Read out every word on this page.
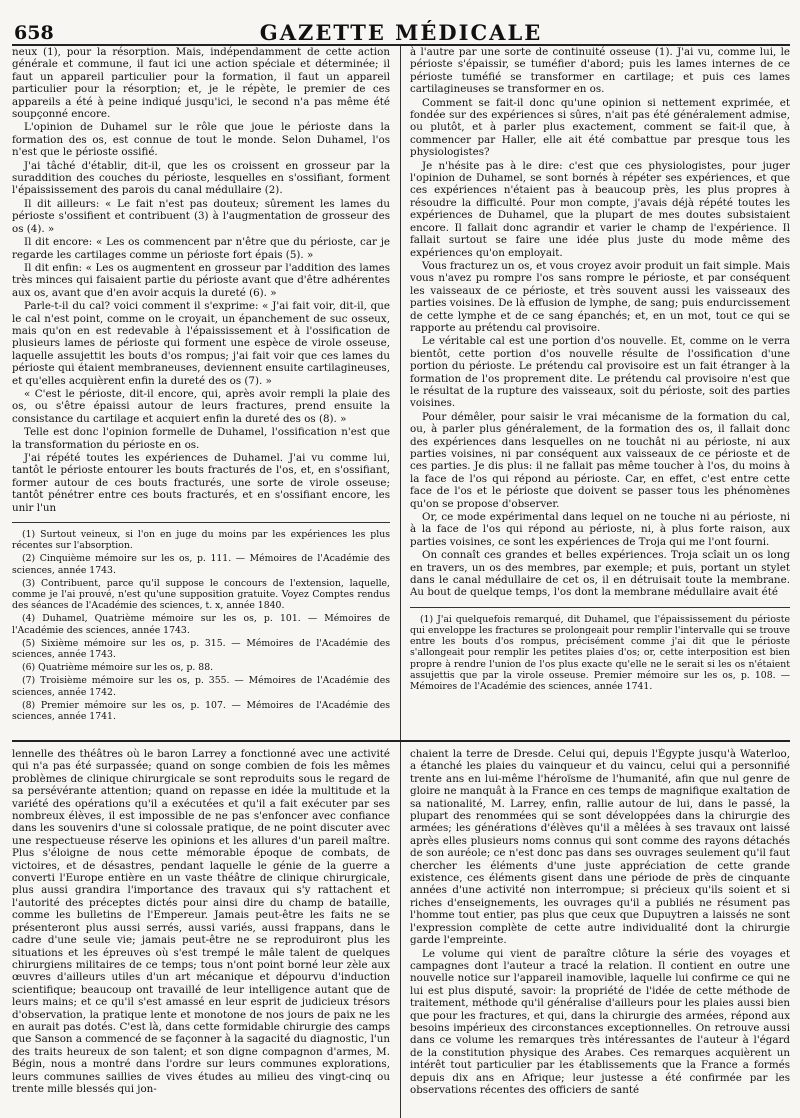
658	GAZETTE MÉDICALE

neux (1), pour la résorption. Mais, indépendamment de cette action générale et commune, il faut ici une action spéciale et déterminée; il faut un appareil particulier pour la formation, il faut un appareil particulier pour la résorption; et, je le répète, le premier de ces appareils a été à peine indiqué jusqu'ici, le second n'a pas même été soupçonné encore.

L'opinion de Duhamel sur le rôle que joue le périoste dans la formation des os, est connue de tout le monde. Selon Duhamel, l'os n'est que le périoste ossifié.

J'ai tâché d'établir, dit-il, que les os croissent en grosseur par la suraddition des couches du périoste, lesquelles en s'ossifiant, forment l'épaississement des parois du canal médullaire (2).

Il dit ailleurs: « Le fait n'est pas douteux; sûrement les lames du périoste s'ossifient et contribuent (3) à l'augmentation de grosseur des os (4). »

Il dit encore: « Les os commencent par n'être que du périoste, car je regarde les cartilages comme un périoste fort épais (5). »

Il dit enfin: « Les os augmentent en grosseur par l'addition des lames très minces qui faisaient partie du périoste avant que d'être adhérentes aux os, avant que d'en avoir acquis la dureté (6). »

Parle-t-il du cal? voici comment il s'exprime: « J'ai fait voir, dit-il, que le cal n'est point, comme on le croyait, un épanchement de suc osseux, mais qu'on en est redevable à l'épaississement et à l'ossification de plusieurs lames de périoste qui forment une espèce de virole osseuse, laquelle assujettit les bouts d'os rompus; j'ai fait voir que ces lames du périoste qui étaient membraneuses, deviennent ensuite cartilagineuses, et qu'elles acquièrent enfin la dureté des os (7). »

« C'est le périoste, dit-il encore, qui, après avoir rempli la plaie des os, ou s'être épaissi autour de leurs fractures, prend ensuite la consistance du cartilage et acquiert enfin la dureté des os (8). »

Telle est donc l'opinion formelle de Duhamel, l'ossification n'est que la transformation du périoste en os.

J'ai répété toutes les expériences de Duhamel. J'ai vu comme lui, tantôt le périoste entourer les bouts fracturés de l'os, et, en s'ossifiant, former autour de ces bouts fracturés, une sorte de virole osseuse; tantôt pénétrer entre ces bouts fracturés, et en s'ossifiant encore, les unir l'un

(1) Surtout veineux, si l'on en juge du moins par les expériences les plus récentes sur l'absorption.
(2) Cinquième mémoire sur les os, p. 111. — Mémoires de l'Académie des sciences, année 1743.
(3) Contribuent, parce qu'il suppose le concours de l'extension, laquelle, comme je l'ai prouvé, n'est qu'une supposition gratuite. Voyez Comptes rendus des séances de l'Académie des sciences, t. x, année 1840.
(4) Duhamel, Quatrième mémoire sur les os, p. 101. — Mémoires de l'Académie des sciences, année 1743.
(5) Sixième mémoire sur les os, p. 315. — Mémoires de l'Académie des sciences, année 1743.
(6) Quatrième mémoire sur les os, p. 88.
(7) Troisième mémoire sur les os, p. 355. — Mémoires de l'Académie des sciences, année 1742.
(8) Premier mémoire sur les os, p. 107. — Mémoires de l'Académie des sciences, année 1741.

à l'autre par une sorte de continuité osseuse (1). J'ai vu, comme lui, le périoste s'épaissir, se tuméfier d'abord; puis les lames internes de ce périoste tuméfié se transformer en cartilage; et puis ces lames cartilagineuses se transformer en os.

Comment se fait-il donc qu'une opinion si nettement exprimée, et fondée sur des expériences si sûres, n'ait pas été généralement admise, ou plutôt, et à parler plus exactement, comment se fait-il que, à commencer par Haller, elle ait été combattue par presque tous les physiologistes?

Je n'hésite pas à le dire: c'est que ces physiologistes, pour juger l'opinion de Duhamel, se sont bornés à répéter ses expériences, et que ces expériences n'étaient pas à beaucoup près, les plus propres à résoudre la difficulté. Pour mon compte, j'avais déjà répété toutes les expériences de Duhamel, que la plupart de mes doutes subsistaient encore. Il fallait donc agrandir et varier le champ de l'expérience. Il fallait surtout se faire une idée plus juste du mode même des expériences qu'on employait.

Vous fracturez un os, et vous croyez avoir produit un fait simple. Mais vous n'avez pu rompre l'os sans rompre le périoste, et par conséquent les vaisseaux de ce périoste, et très souvent aussi les vaisseaux des parties voisines. De là effusion de lymphe, de sang; puis endurcissement de cette lymphe et de ce sang épanchés; et, en un mot, tout ce qui se rapporte au prétendu cal provisoire.

Le véritable cal est une portion d'os nouvelle. Et, comme on le verra bientôt, cette portion d'os nouvelle résulte de l'ossification d'une portion du périoste. Le prétendu cal provisoire est un fait étranger à la formation de l'os proprement dite. Le prétendu cal provisoire n'est que le résultat de la rupture des vaisseaux, soit du périoste, soit des parties voisines.

Pour démêler, pour saisir le vrai mécanisme de la formation du cal, ou, à parler plus généralement, de la formation des os, il fallait donc des expériences dans lesquelles on ne touchât ni au périoste, ni aux parties voisines, ni par conséquent aux vaisseaux de ce périoste et de ces parties. Je dis plus: il ne fallait pas même toucher à l'os, du moins à la face de l'os qui répond au périoste. Car, en effet, c'est entre cette face de l'os et le périoste que doivent se passer tous les phénomènes qu'on se propose d'observer.

Or, ce mode expérimental dans lequel on ne touche ni au périoste, ni à la face de l'os qui répond au périoste, ni, à plus forte raison, aux parties voisines, ce sont les expériences de Troja qui me l'ont fourni.

On connaît ces grandes et belles expériences. Troja scîait un os long en travers, un os des membres, par exemple; et puis, portant un stylet dans le canal médullaire de cet os, il en détruisait toute la membrane. Au bout de quelque temps, l'os dont la membrane médullaire avait été

(1) J'ai quelquefois remarqué, dit Duhamel, que l'épaississement du périoste qui enveloppe les fractures se prolongeait pour remplir l'intervalle qui se trouve entre les bouts d'os rompus, précisément comme j'ai dit que le périoste s'allongeait pour remplir les petites plaies d'os; or, cette interposition est bien propre à rendre l'union de l'os plus exacte qu'elle ne le serait si les os n'étaient assujettis que par la virole osseuse. Premier mémoire sur les os, p. 108. — Mémoires de l'Académie des sciences, année 1741.

lennelle des théâtres où le baron Larrey a fonctionné avec une activité qui n'a pas été surpassée; quand on songe combien de fois les mêmes problèmes de clinique chirurgicale se sont reproduits sous le regard de sa persévérante attention; quand on repasse en idée la multitude et la variété des opérations qu'il a exécutées et qu'il a fait exécuter par ses nombreux élèves, il est impossible de ne pas s'enfoncer avec confiance dans les souvenirs d'une si colossale pratique, de ne point discuter avec une respectueuse réserve les opinions et les allures d'un pareil maître. Plus s'éloigne de nous cette mémorable époque de combats, de victoires, et de désastres, pendant laquelle le génie de la guerre a converti l'Europe entière en un vaste théâtre de clinique chirurgicale, plus aussi grandira l'importance des travaux qui s'y rattachent et l'autorité des préceptes dictés pour ainsi dire du champ de bataille, comme les bulletins de l'Empereur. Jamais peut-être les faits ne se présenteront plus aussi serrés, aussi variés, aussi frappans, dans le cadre d'une seule vie; jamais peut-être ne se reproduiront plus les situations et les épreuves où s'est trempé le mâle talent de quelques chirurgiens militaires de ce temps; tous n'ont point borné leur zèle aux œuvres d'ailleurs utiles d'un art mécanique et dépourvu d'induction scientifique; beaucoup ont travaillé de leur intelligence autant que de leurs mains; et ce qu'il s'est amassé en leur esprit de judicieux trésors d'observation, la pratique lente et monotone de nos jours de paix ne les en aurait pas dotés. C'est là, dans cette formidable chirurgie des camps que Sanson a commencé de se façonner à la sagacité du diagnostic, l'un des traits heureux de son talent; et son digne compagnon d'armes, M. Bégin, nous a montré dans l'ordre sur leurs communes explorations, leurs communes saillies de vives études au milieu des vingt-cinq ou trente mille blessés qui jon-

chaient la terre de Dresde. Celui qui, depuis l'Égypte jusqu'à Waterloo, a étanché les plaies du vainqueur et du vaincu, celui qui a personnifié trente ans en lui-même l'héroïsme de l'humanité, afin que nul genre de gloire ne manquât à la France en ces temps de magnifique exaltation de sa nationalité, M. Larrey, enfin, rallie autour de lui, dans le passé, la plupart des renommées qui se sont développées dans la chirurgie des armées; les générations d'élèves qu'il a mêlées à ses travaux ont laissé après elles plusieurs noms connus qui sont comme des rayons détachés de son auréole; ce n'est donc pas dans ses ouvrages seulement qu'il faut chercher les éléments d'une juste appréciation de cette grande existence, ces éléments gisent dans une période de près de cinquante années d'une activité non interrompue; si précieux qu'ils soient et si riches d'enseignements, les ouvrages qu'il a publiés ne résument pas l'homme tout entier, pas plus que ceux que Dupuytren a laissés ne sont l'expression complète de cette autre individualité dont la chirurgie garde l'empreinte.

Le volume qui vient de paraître clôture la série des voyages et campagnes dont l'auteur a tracé la relation. Il contient en outre une nouvelle notice sur l'appareil inamovible, laquelle lui confirme ce qui ne lui est plus disputé, savoir: la propriété de l'idée de cette méthode de traitement, méthode qu'il généralise d'ailleurs pour les plaies aussi bien que pour les fractures, et qui, dans la chirurgie des armées, répond aux besoins impérieux des circonstances exceptionnelles. On retrouve aussi dans ce volume les remarques très intéressantes de l'auteur à l'égard de la constitution physique des Arabes. Ces remarques acquièrent un intérêt tout particulier par les établissements que la France a formés depuis dix ans en Afrique; leur justesse a été confirmée par les observations récentes des officiers de santé
